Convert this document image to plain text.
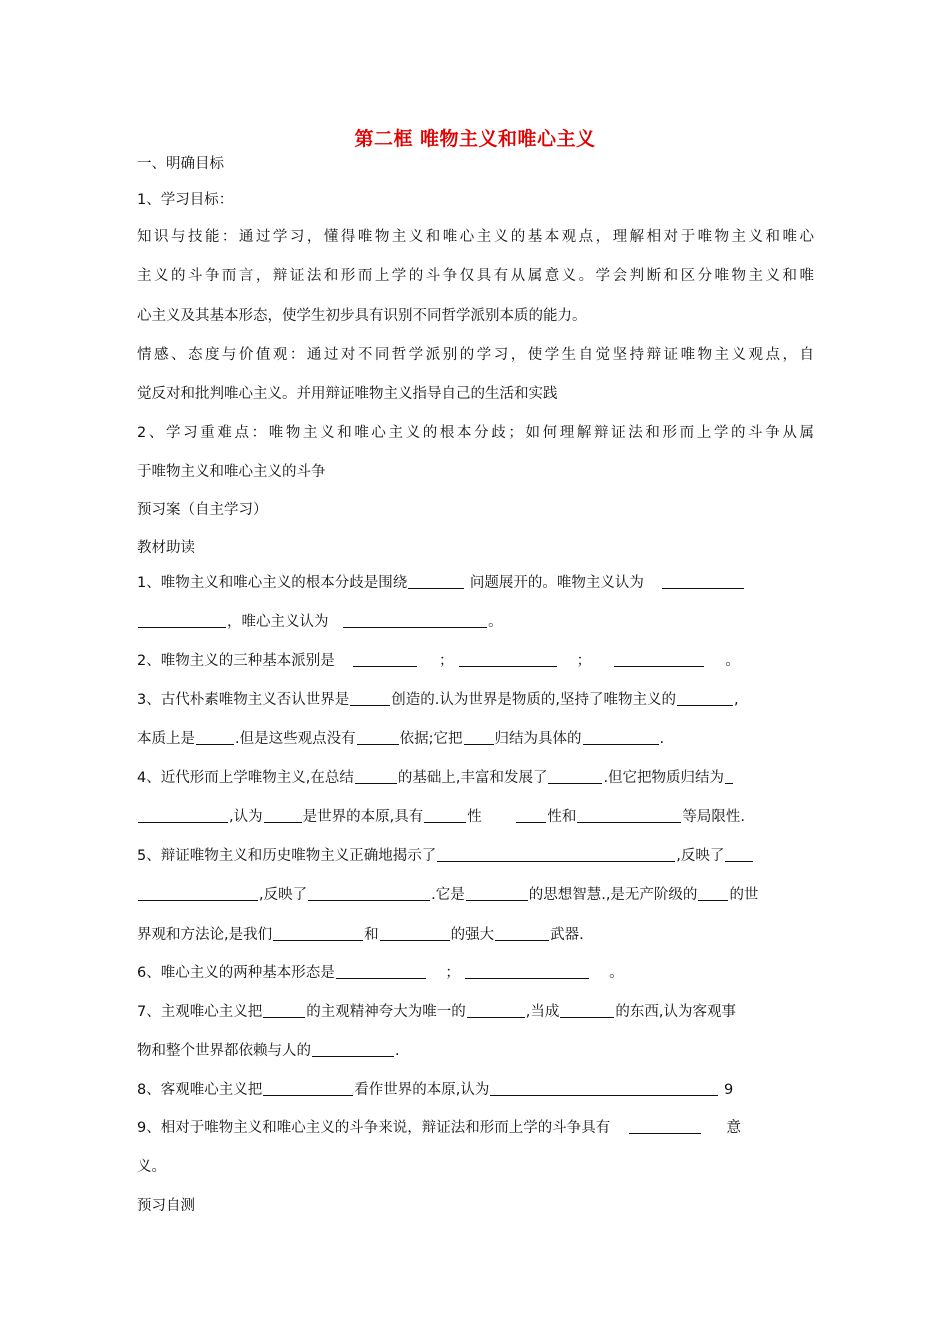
第二框 唯物主义和唯心主义
一、明确目标
1、学习目标：
知识与技能：通过学习，懂得唯物主义和唯心主义的基本观点，理解相对于唯物主义和唯心
主义的斗争而言，辩证法和形而上学的斗争仅具有从属意义。学会判断和区分唯物主义和唯
心主义及其基本形态，使学生初步具有识别不同哲学派别本质的能力。
情感、态度与价值观：通过对不同哲学派别的学习，使学生自觉坚持辩证唯物主义观点，自
觉反对和批判唯心主义。并用辩证唯物主义指导自己的生活和实践
2、学习重难点：唯物主义和唯心主义的根本分歧；如何理解辩证法和形而上学的斗争从属
于唯物主义和唯心主义的斗争
预习案（自主学习）
教材助读
1、唯物主义和唯心主义的根本分歧是围绕	问题展开的。唯物主义认为
，唯心主义认为	。
2、唯物主义的三种基本派别是	；	；	。
3、古代朴素唯物主义否认世界是	创造的.认为世界是物质的,坚持了唯物主义的	,
本质上是	.但是这些观点没有	依据;它把 归结为具体的	.
4、近代形而上学唯物主义,在总结	的基础上,丰富和发展了	.但它把物质归结为
,认为	是世界的本原,具有	性	性和	等局限性.
5、辩证唯物主义和历史唯物主义正确地揭示了	,反映了
,反映了	.它是	的思想智慧.,是无产阶级的 的世
界观和方法论,是我们	和	的强大	武器.
6、唯心主义的两种基本形态是	；	。
7、主观唯心主义把	的主观精神夸大为唯一的	,当成	的东西,认为客观事
物和整个世界都依赖与人的	.
8、客观唯心主义把	看作世界的本原,认为	9
9、相对于唯物主义和唯心主义的斗争来说，辩证法和形而上学的斗争具有	意
义。
预习自测
